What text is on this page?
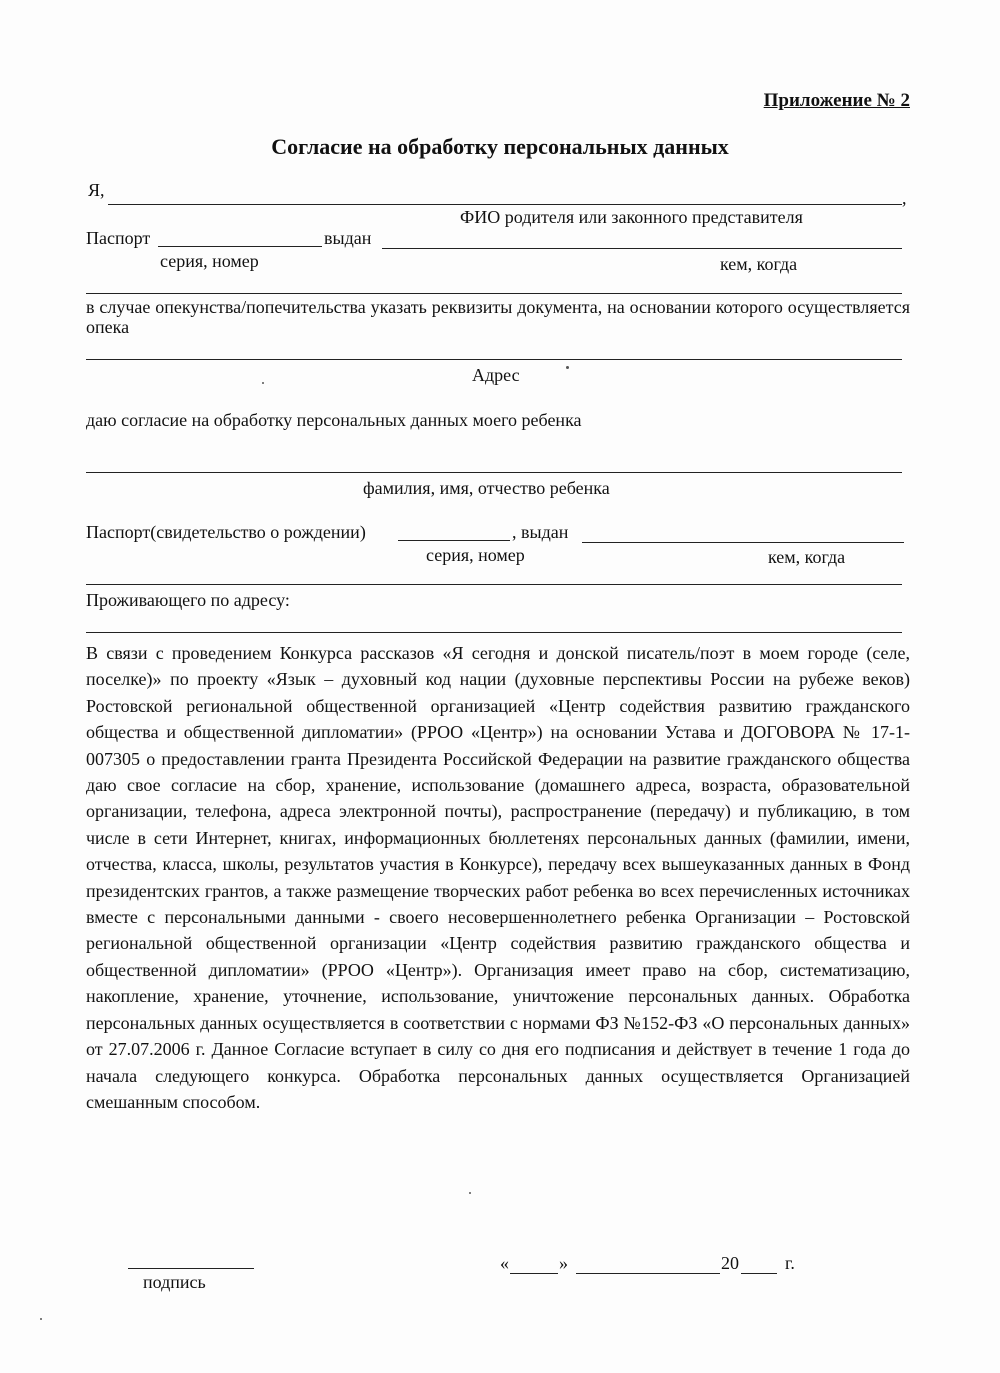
Приложение № 2
Согласие на обработку персональных данных
Я,	,
ФИО родителя или законного представителя
Паспорт	выдан
серия, номер	кем, когда
в случае опекунства/попечительства указать реквизиты документа, на основании которого осуществляется опека
Адрес
даю согласие на обработку персональных данных моего ребенка
фамилия, имя, отчество ребенка
Паспорт(свидетельство о рождении)	, выдан
серия, номер	кем, когда
Проживающего по адресу:
В связи с проведением Конкурса рассказов «Я сегодня и донской писатель/поэт в моем городе (селе, поселке)» по проекту «Язык – духовный код нации (духовные перспективы России на рубеже веков) Ростовской региональной общественной организацией «Центр содействия развитию гражданского общества и общественной дипломатии» (РРОО «Центр») на основании Устава и ДОГОВОРА № 17-1-007305 о предоставлении гранта Президента Российской Федерации на развитие гражданского общества даю свое согласие на сбор, хранение, использование (домашнего адреса, возраста, образовательной организации, телефона, адреса электронной почты), распространение (передачу) и публикацию, в том числе в сети Интернет, книгах, информационных бюллетенях персональных данных (фамилии, имени, отчества, класса, школы, результатов участия в Конкурсе), передачу всех вышеуказанных данных в Фонд президентских грантов, а также размещение творческих работ ребенка во всех перечисленных источниках вместе с персональными данными - своего несовершеннолетнего ребенка Организации – Ростовской региональной общественной организации «Центр содействия развитию гражданского общества и общественной дипломатии» (РРОО «Центр»). Организация имеет право на сбор, систематизацию, накопление, хранение, уточнение, использование, уничтожение персональных данных. Обработка персональных данных осуществляется в соответствии с нормами ФЗ №152-ФЗ «О персональных данных» от 27.07.2006 г. Данное Согласие вступает в силу со дня его подписания и действует в течение 1 года до начала следующего конкурса. Обработка персональных данных осуществляется Организацией смешанным способом.
подпись
«	»	20	г.
